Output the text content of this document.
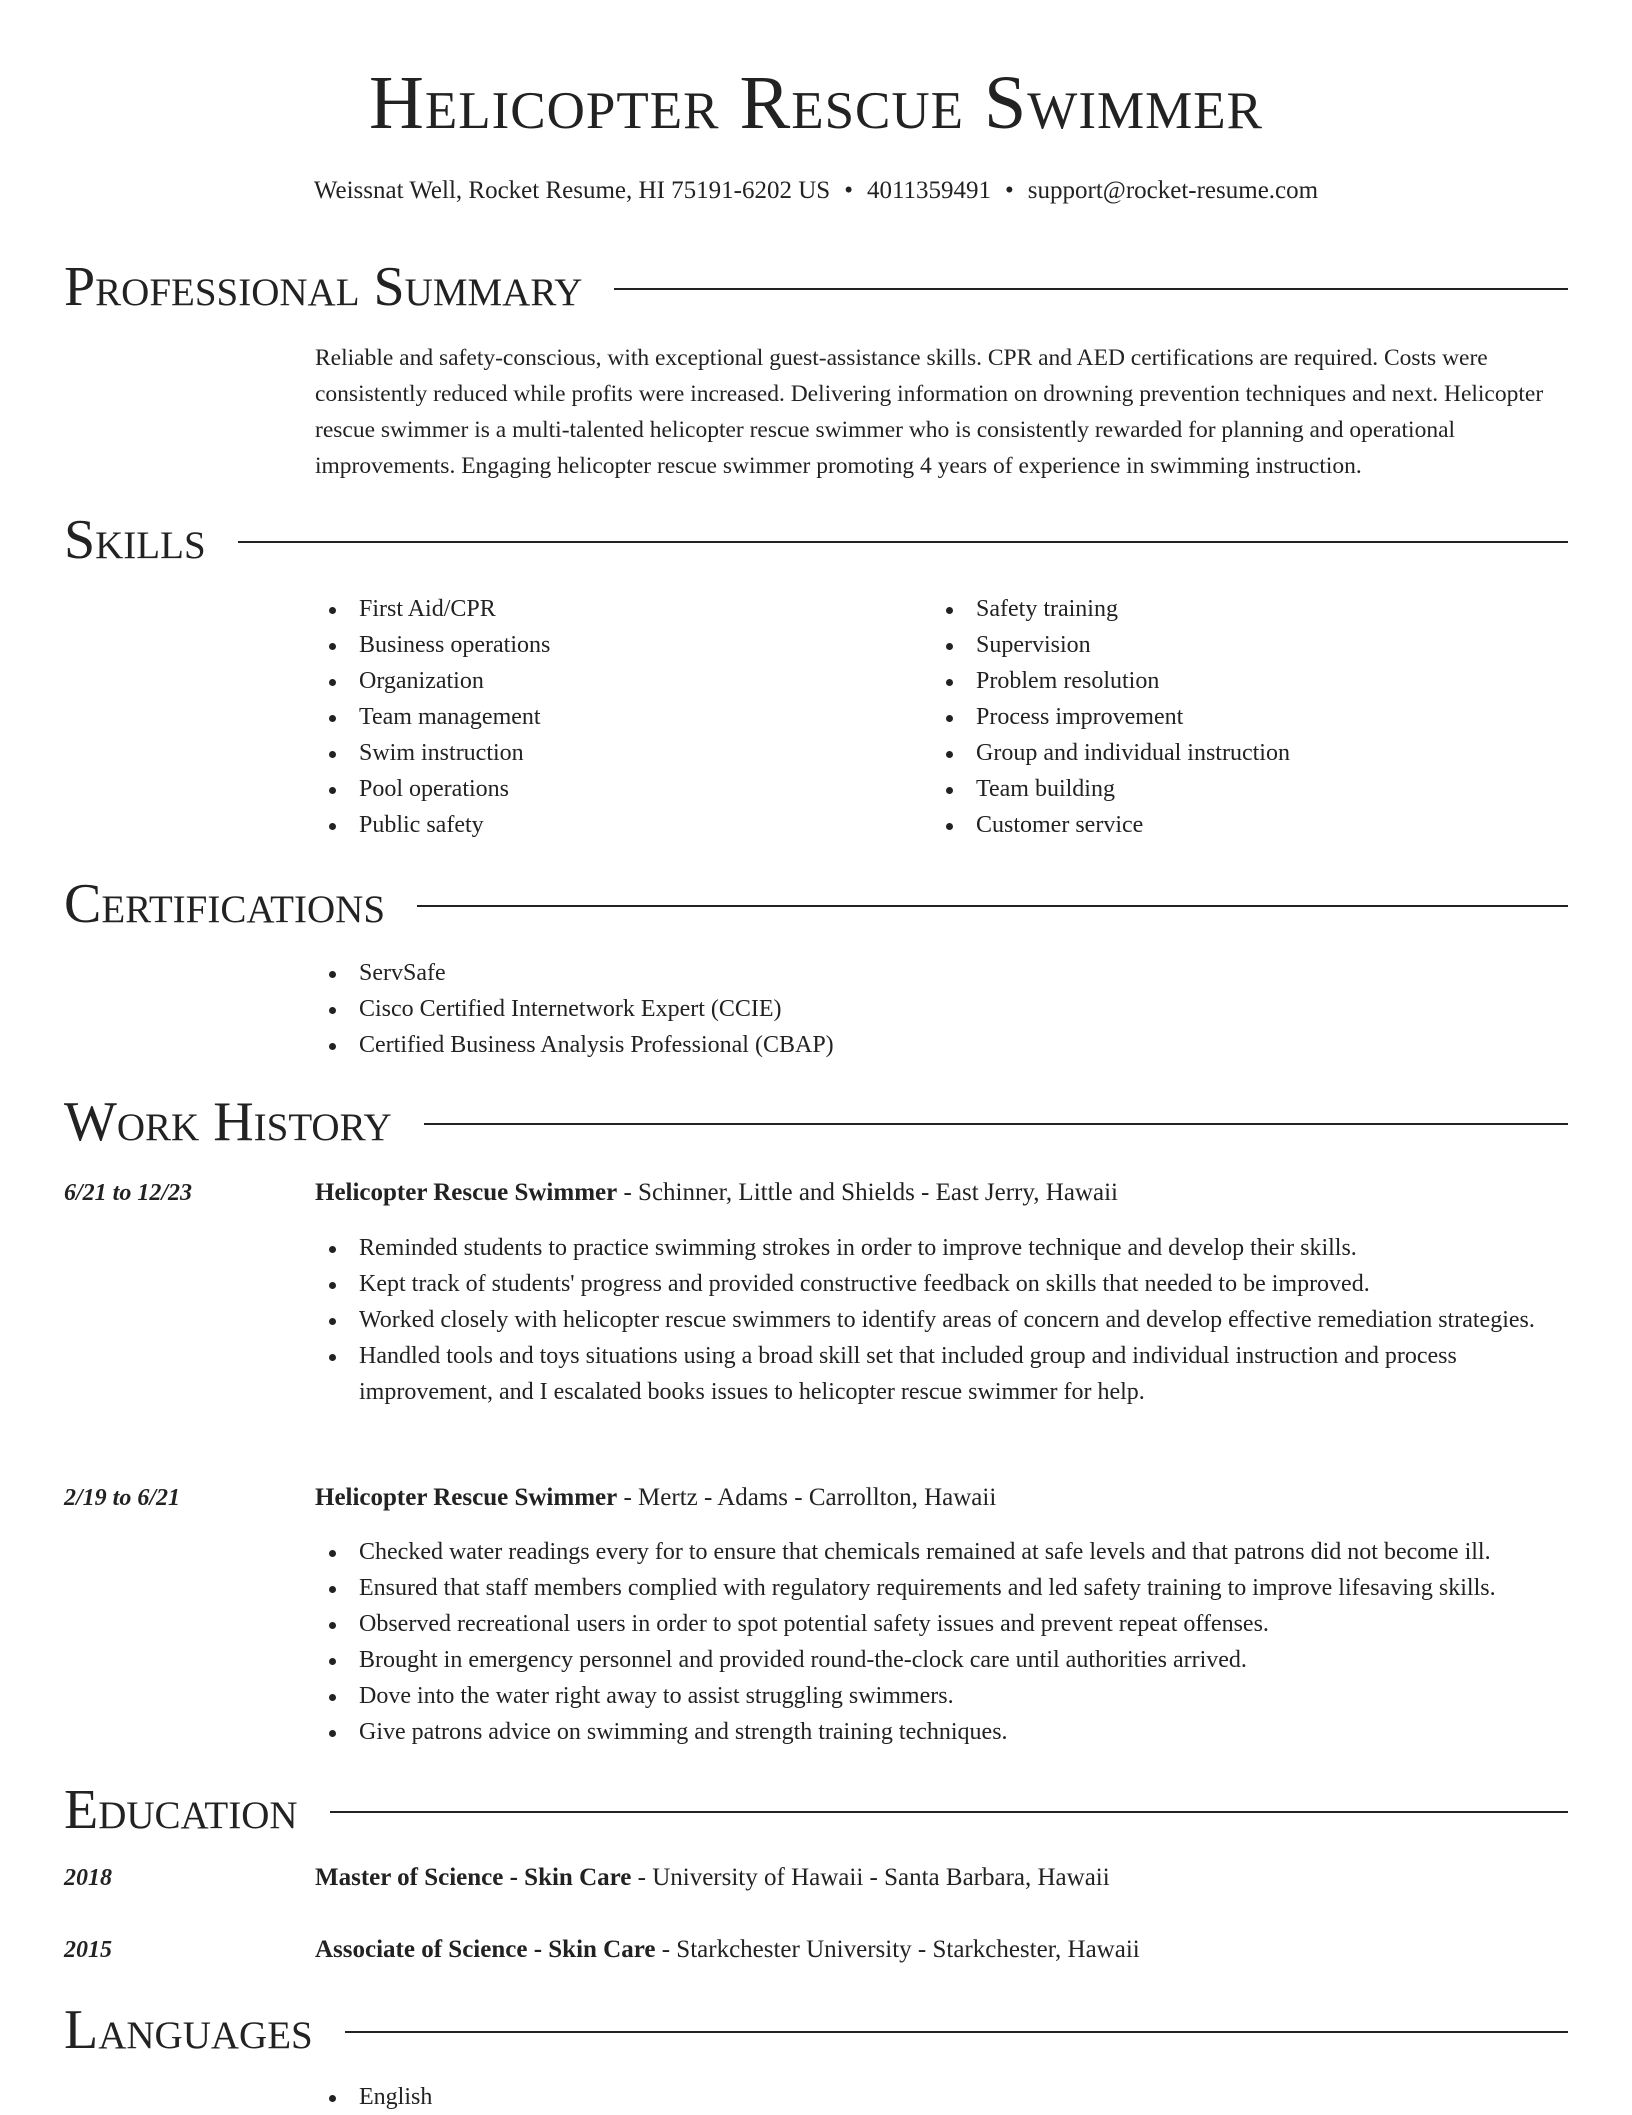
Helicopter Rescue Swimmer
Weissnat Well, Rocket Resume, HI 75191-6202 US • 4011359491 • support@rocket-resume.com
Professional Summary

Reliable and safety-conscious, with exceptional guest-assistance skills. CPR and AED certifications are required. Costs were consistently reduced while profits were increased. Delivering information on drowning prevention techniques and next. Helicopter rescue swimmer is a multi-talented helicopter rescue swimmer who is consistently rewarded for planning and operational improvements. Engaging helicopter rescue swimmer promoting 4 years of experience in swimming instruction.

Skills
First Aid/CPR
Business operations
Organization
Team management
Swim instruction
Pool operations
Public safety
Safety training
Supervision
Problem resolution
Process improvement
Group and individual instruction
Team building
Customer service
Certifications
ServSafe
Cisco Certified Internetwork Expert (CCIE)
Certified Business Analysis Professional (CBAP)
Work History
6/21 to 12/23	Helicopter Rescue Swimmer - Schinner, Little and Shields - East Jerry, Hawaii
Reminded students to practice swimming strokes in order to improve technique and develop their skills.
Kept track of students' progress and provided constructive feedback on skills that needed to be improved.
Worked closely with helicopter rescue swimmers to identify areas of concern and develop effective remediation strategies.
Handled tools and toys situations using a broad skill set that included group and individual instruction and process improvement, and I escalated books issues to helicopter rescue swimmer for help.
2/19 to 6/21	Helicopter Rescue Swimmer - Mertz - Adams - Carrollton, Hawaii
Checked water readings every for to ensure that chemicals remained at safe levels and that patrons did not become ill.
Ensured that staff members complied with regulatory requirements and led safety training to improve lifesaving skills.
Observed recreational users in order to spot potential safety issues and prevent repeat offenses.
Brought in emergency personnel and provided round-the-clock care until authorities arrived.
Dove into the water right away to assist struggling swimmers.
Give patrons advice on swimming and strength training techniques.
Education
2018	Master of Science - Skin Care - University of Hawaii - Santa Barbara, Hawaii
2015	Associate of Science - Skin Care - Starkchester University - Starkchester, Hawaii
Languages
English
